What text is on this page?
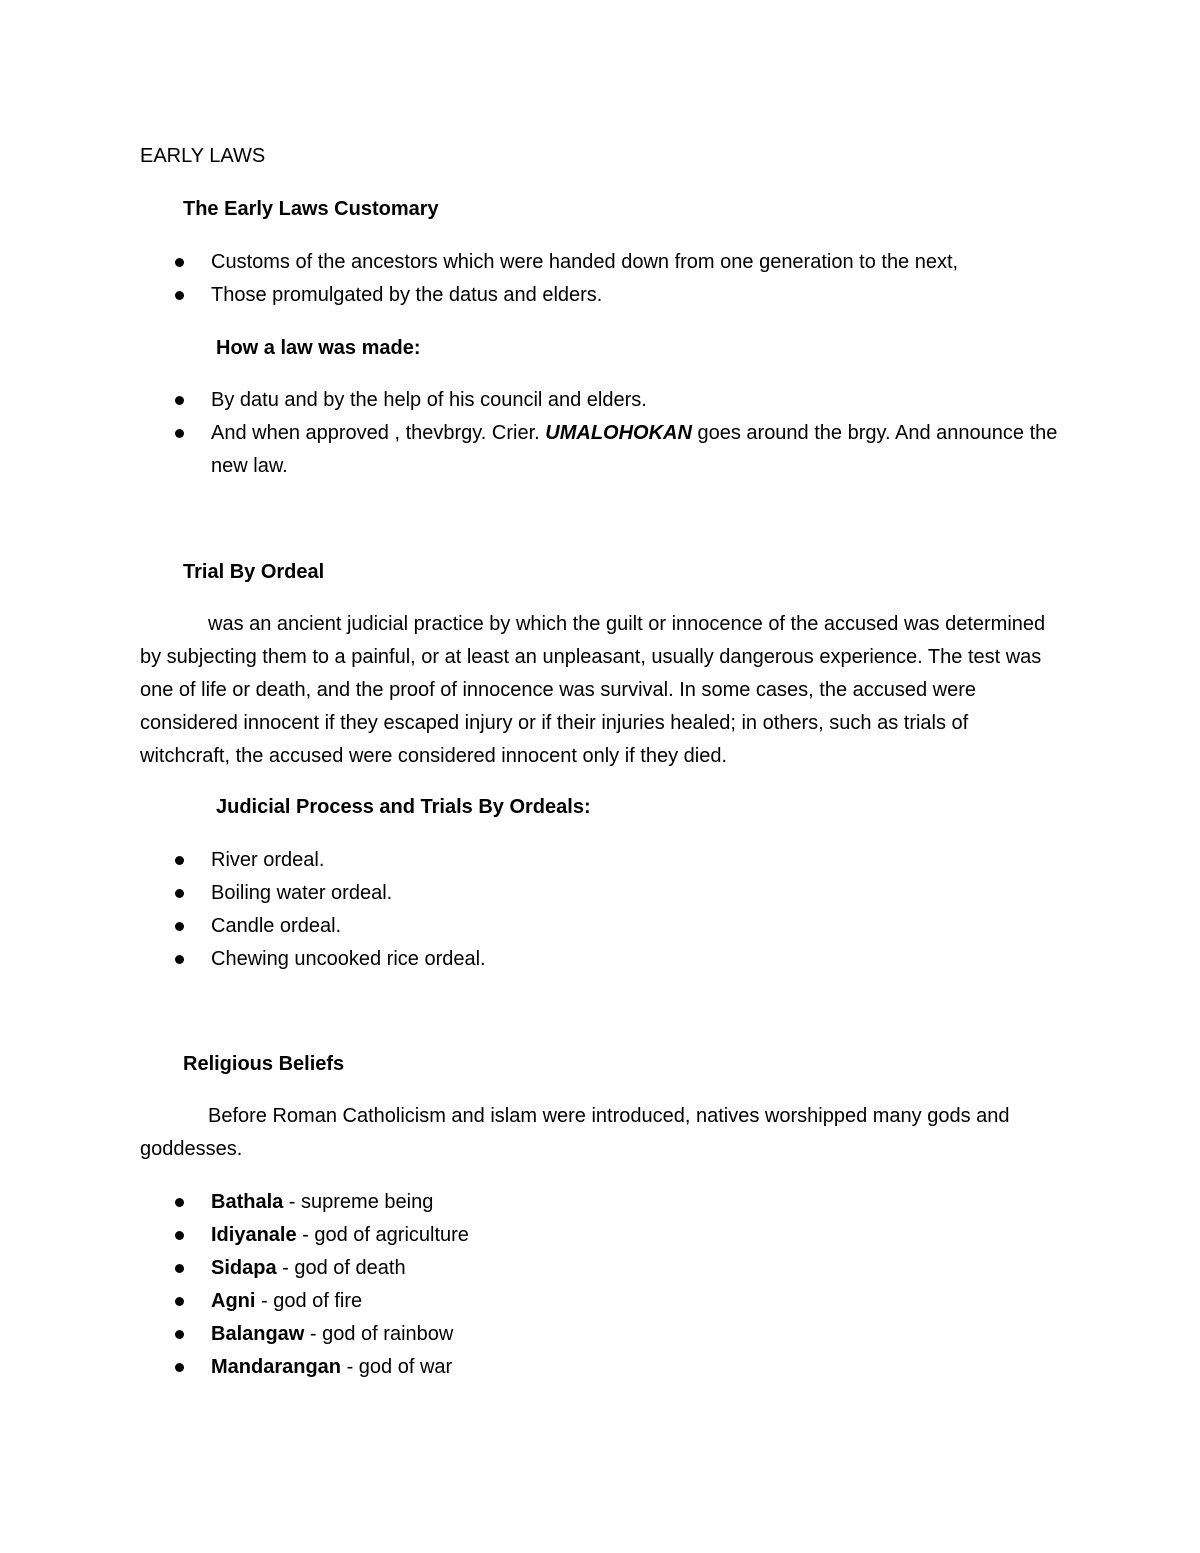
EARLY LAWS
The Early Laws Customary
Customs of the ancestors which were handed down from one generation to the next,
Those promulgated by the datus and elders.
How a law was made:
By datu and by the help of his council and elders.
And when approved , thevbrgy. Crier. UMALOHOKAN goes around the brgy. And announce the new law.
Trial By Ordeal

was an ancient judicial practice by which the guilt or innocence of the accused was determined by subjecting them to a painful, or at least an unpleasant, usually dangerous experience. The test was one of life or death, and the proof of innocence was survival. In some cases, the accused were considered innocent if they escaped injury or if their injuries healed; in others, such as trials of witchcraft, the accused were considered innocent only if they died.

Judicial Process and Trials By Ordeals:
River ordeal.
Boiling water ordeal.
Candle ordeal.
Chewing uncooked rice ordeal.
Religious Beliefs

Before Roman Catholicism and islam were introduced, natives worshipped many gods and goddesses.

Bathala - supreme being
Idiyanale - god of agriculture
Sidapa - god of death
Agni - god of fire
Balangaw - god of rainbow
Mandarangan - god of war
